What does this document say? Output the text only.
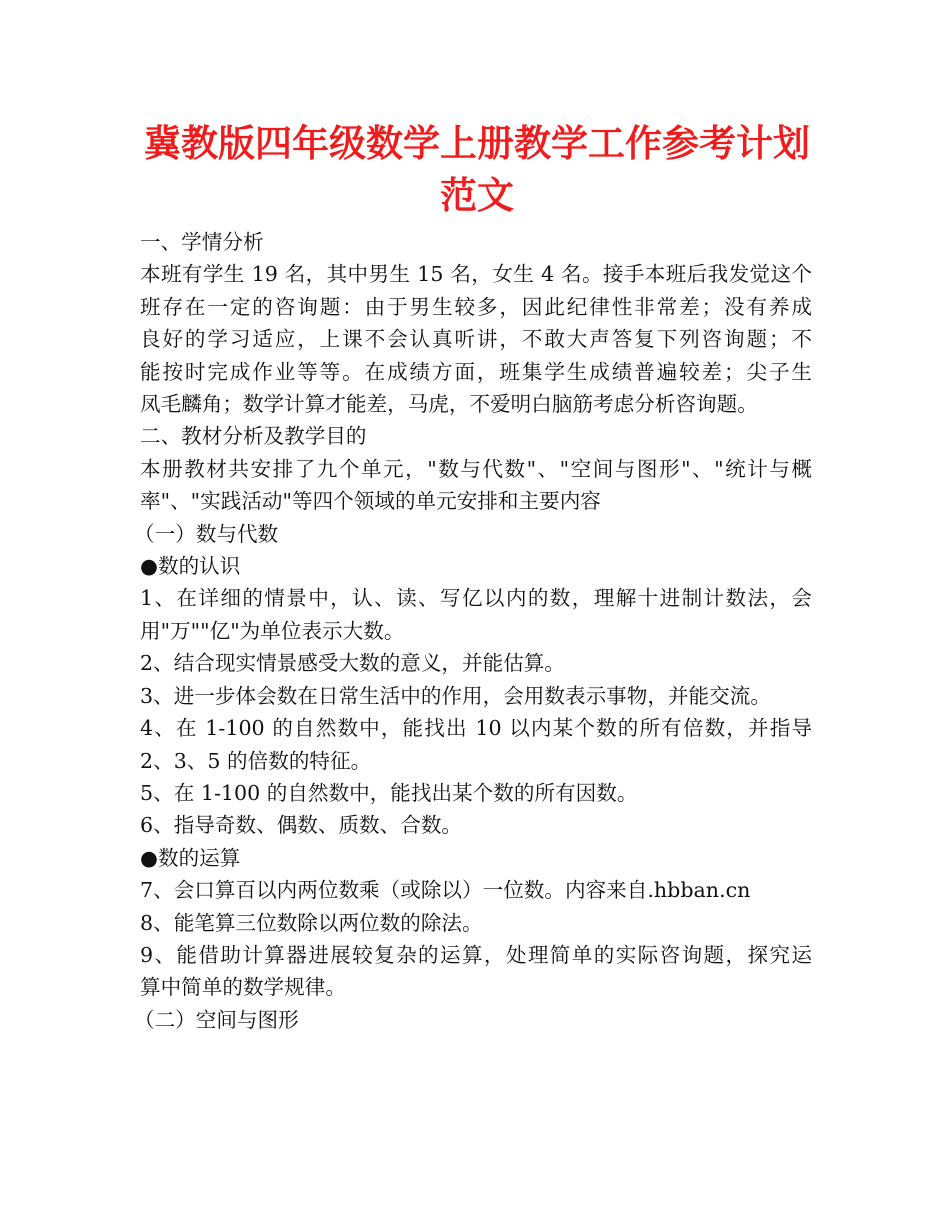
冀教版四年级数学上册教学工作参考计划
范文
一、学情分析
本班有学生 19 名，其中男生 15 名，女生 4 名。接手本班后我发觉这个
班存在一定的咨询题：由于男生较多，因此纪律性非常差；没有养成
良好的学习适应，上课不会认真听讲，不敢大声答复下列咨询题；不
能按时完成作业等等。在成绩方面，班集学生成绩普遍较差；尖子生
凤毛麟角；数学计算才能差，马虎，不爱明白脑筋考虑分析咨询题。
二、教材分析及教学目的
本册教材共安排了九个单元，"数与代数"、"空间与图形"、"统计与概
率"、"实践活动"等四个领域的单元安排和主要内容
（一）数与代数
●数的认识
1、在详细的情景中，认、读、写亿以内的数，理解十进制计数法，会
用"万""亿"为单位表示大数。
2、结合现实情景感受大数的意义，并能估算。
3、进一步体会数在日常生活中的作用，会用数表示事物，并能交流。
4、在 1-100 的自然数中，能找出 10 以内某个数的所有倍数，并指导
2、3、5 的倍数的特征。
5、在 1-100 的自然数中，能找出某个数的所有因数。
6、指导奇数、偶数、质数、合数。
●数的运算
7、会口算百以内两位数乘（或除以）一位数。内容来自.hbban.cn
8、能笔算三位数除以两位数的除法。
9、能借助计算器进展较复杂的运算，处理简单的实际咨询题，探究运
算中简单的数学规律。
（二）空间与图形
